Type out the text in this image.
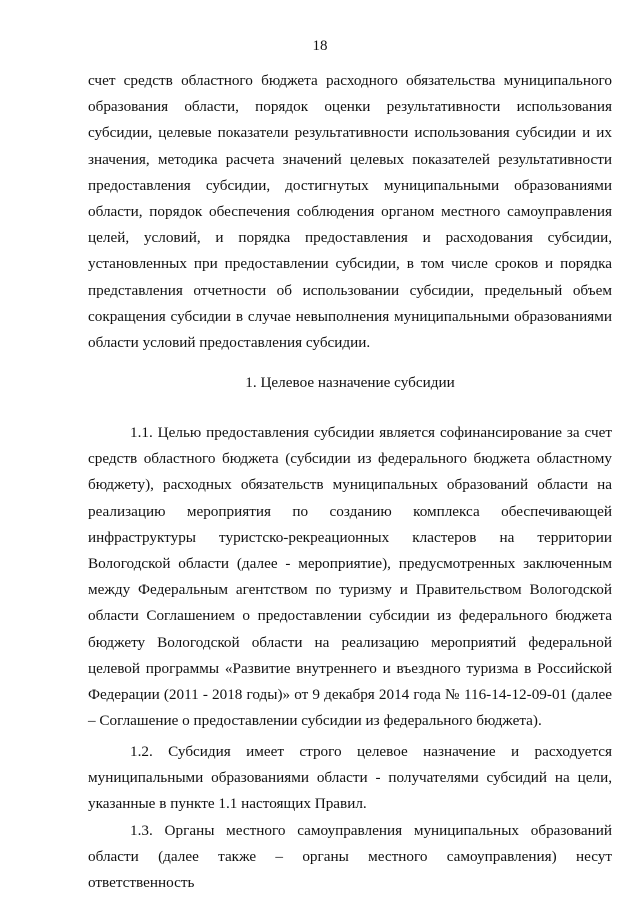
18

счет средств областного бюджета расходного обязательства муниципального образования области, порядок оценки результативности использования субсидии, целевые показатели результативности использования субсидии и их значения, методика расчета значений целевых показателей результативности предоставления субсидии, достигнутых муниципальными образованиями области, порядок обеспечения соблюдения органом местного самоуправления целей, условий, и порядка предоставления и расходования субсидии, установленных при предоставлении субсидии, в том числе сроков и порядка представления отчетности об использовании субсидии, предельный объем сокращения субсидии в случае невыполнения муниципальными образованиями области условий предоставления субсидии.

1. Целевое назначение субсидии

1.1. Целью предоставления субсидии является софинансирование за счет средств областного бюджета (субсидии из федерального бюджета областному бюджету), расходных обязательств муниципальных образований области на реализацию мероприятия по созданию комплекса обеспечивающей инфраструктуры туристско-рекреационных кластеров на территории Вологодской области (далее - мероприятие), предусмотренных заключенным между Федеральным агентством по туризму и Правительством Вологодской области Соглашением о предоставлении субсидии из федерального бюджета бюджету Вологодской области на реализацию мероприятий федеральной целевой программы «Развитие внутреннего и въездного туризма в Российской Федерации (2011 - 2018 годы)» от 9 декабря 2014 года № 116-14-12-09-01 (далее – Соглашение о предоставлении субсидии из федерального бюджета).

1.2. Субсидия имеет строго целевое назначение и расходуется муниципальными образованиями области - получателями субсидий на цели, указанные в пункте 1.1 настоящих Правил.

1.3. Органы местного самоуправления муниципальных образований области (далее также – органы местного самоуправления) несут ответственность
